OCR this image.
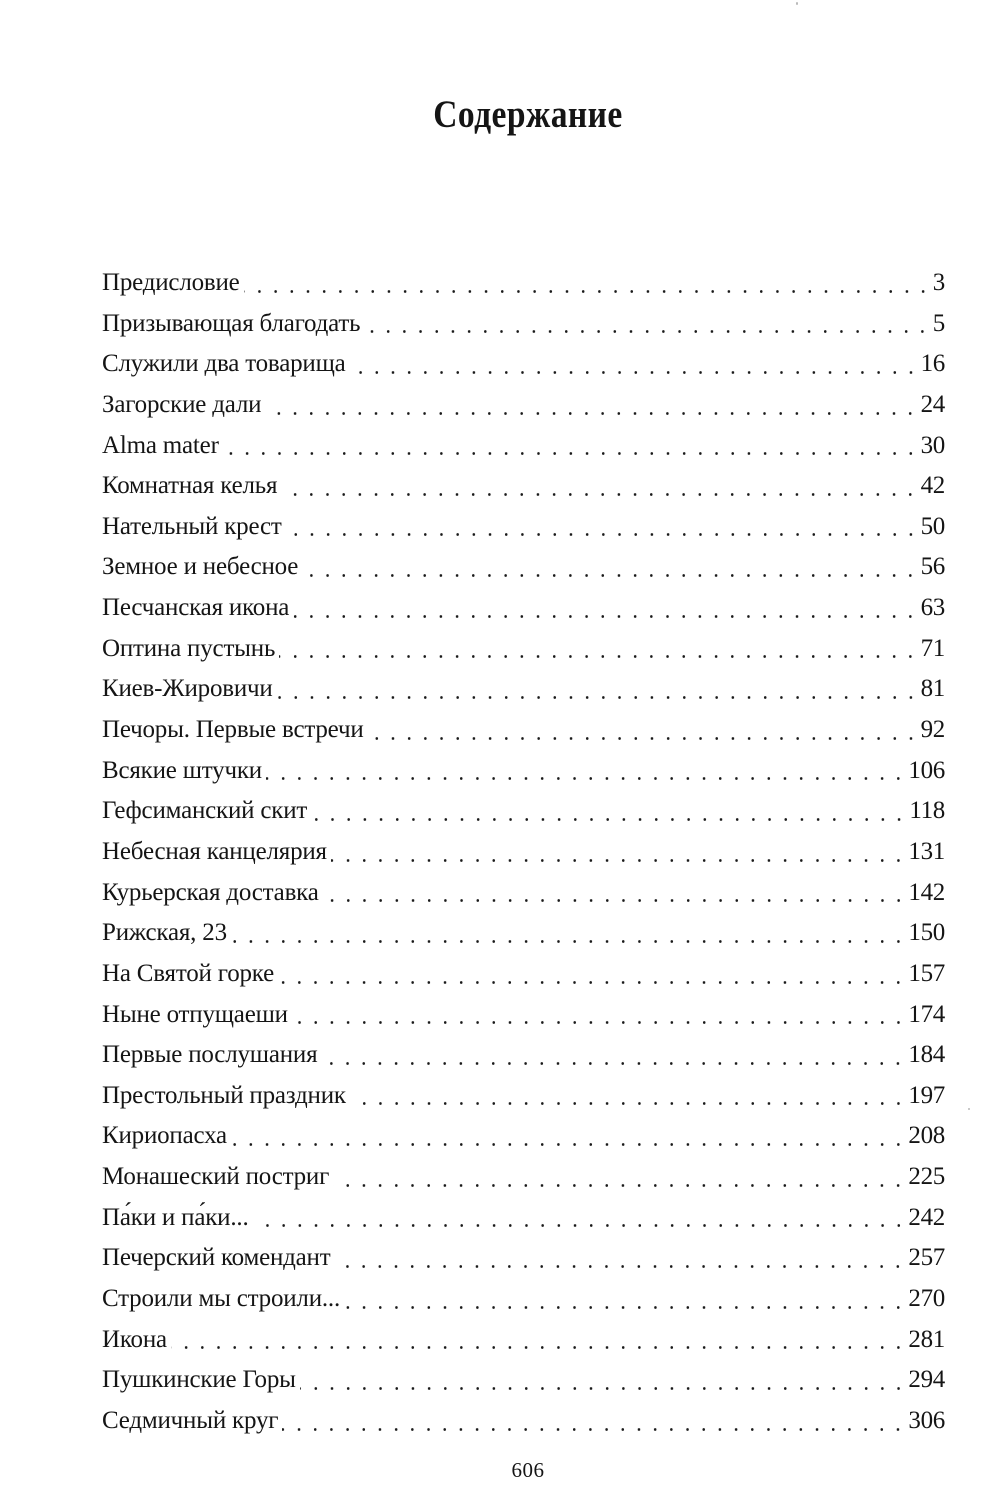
Содержание
Предисловие	3
Призывающая благодать	5
Служили два товарища	16
Загорские дали	24
Alma mater	30
Комнатная келья	42
Нательный крест	50
Земное и небесное	56
Песчанская икона	63
Оптина пустынь	71
Киев-Жировичи	81
Печоры. Первые встречи	92
Всякие штучки	106
Гефсиманский скит	118
Небесная канцелярия	131
Курьерская доставка	142
Рижская, 23	150
На Святой горке	157
Ныне отпущаеши	174
Первые послушания	184
Престольный праздник	197
Кириопасха	208
Монашеский постриг	225
Па́ки и па́ки...	242
Печерский комендант	257
Строили мы строили...	270
Икона	281
Пушкинские Горы	294
Седмичный круг	306
606
